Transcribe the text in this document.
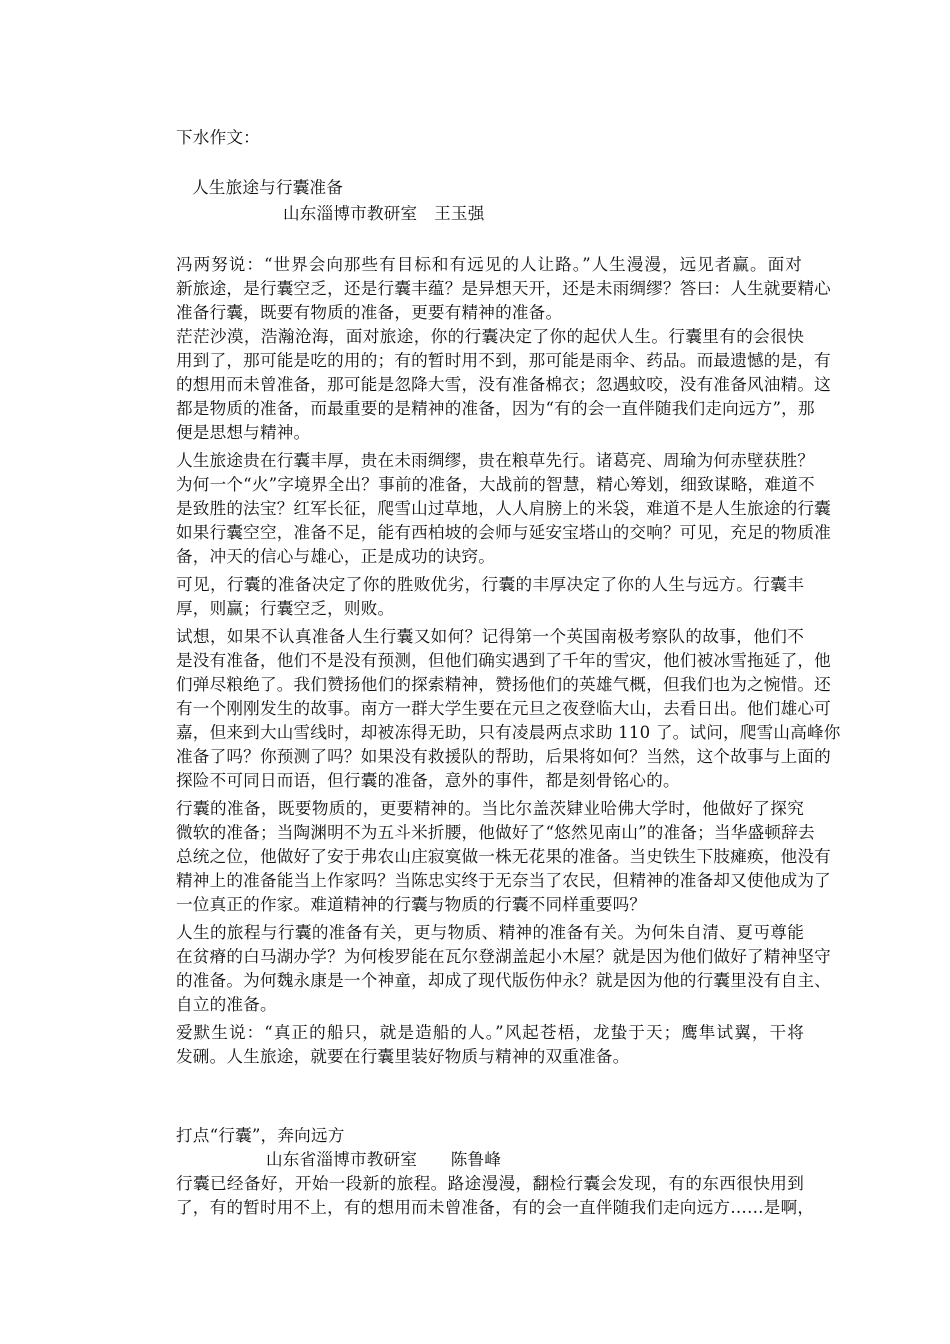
下水作文：
人生旅途与行囊准备
山东淄博市教研室　王玉强
冯两努说：“世界会向那些有目标和有远见的人让路。”人生漫漫，远见者赢。面对
新旅途，是行囊空乏，还是行囊丰蕴？是异想天开，还是未雨绸缪？答曰：人生就要精心
准备行囊，既要有物质的准备，更要有精神的准备。
茫茫沙漠，浩瀚沧海，面对旅途，你的行囊决定了你的起伏人生。行囊里有的会很快
用到了，那可能是吃的用的；有的暂时用不到，那可能是雨伞、药品。而最遗憾的是，有
的想用而未曾准备，那可能是忽降大雪，没有准备棉衣；忽遇蚊咬，没有准备风油精。这
都是物质的准备，而最重要的是精神的准备，因为“有的会一直伴随我们走向远方”，那
便是思想与精神。
人生旅途贵在行囊丰厚，贵在未雨绸缪，贵在粮草先行。诸葛亮、周瑜为何赤壁获胜？
为何一个“火”字境界全出？事前的准备，大战前的智慧，精心筹划，细致谋略，难道不
是致胜的法宝？红军长征，爬雪山过草地，人人肩膀上的米袋，难道不是人生旅途的行囊
如果行囊空空，准备不足，能有西柏坡的会师与延安宝塔山的交响？可见，充足的物质准
备，冲天的信心与雄心，正是成功的诀窍。
可见，行囊的准备决定了你的胜败优劣，行囊的丰厚决定了你的人生与远方。行囊丰
厚，则赢；行囊空乏，则败。
试想，如果不认真准备人生行囊又如何？记得第一个英国南极考察队的故事，他们不
是没有准备，他们不是没有预测，但他们确实遇到了千年的雪灾，他们被冰雪拖延了，他
们弹尽粮绝了。我们赞扬他们的探索精神，赞扬他们的英雄气概，但我们也为之惋惜。还
有一个刚刚发生的故事。南方一群大学生要在元旦之夜登临大山，去看日出。他们雄心可
嘉，但来到大山雪线时，却被冻得无助，只有凌晨两点求助 110 了。试问，爬雪山高峰你
准备了吗？你预测了吗？如果没有救援队的帮助，后果将如何？当然，这个故事与上面的
探险不可同日而语，但行囊的准备，意外的事件，都是刻骨铭心的。
行囊的准备，既要物质的，更要精神的。当比尔盖茨肄业哈佛大学时，他做好了探究
微软的准备；当陶渊明不为五斗米折腰，他做好了“悠然见南山”的准备；当华盛顿辞去
总统之位，他做好了安于弗农山庄寂寞做一株无花果的准备。当史铁生下肢瘫痪，他没有
精神上的准备能当上作家吗？当陈忠实终于无奈当了农民，但精神的准备却又使他成为了
一位真正的作家。难道精神的行囊与物质的行囊不同样重要吗？
人生的旅程与行囊的准备有关，更与物质、精神的准备有关。为何朱自清、夏丏尊能
在贫瘠的白马湖办学？为何梭罗能在瓦尔登湖盖起小木屋？就是因为他们做好了精神坚守
的准备。为何魏永康是一个神童，却成了现代版伤仲永？就是因为他的行囊里没有自主、
自立的准备。
爱默生说：“真正的船只，就是造船的人。”风起苍梧，龙蛰于天；鹰隼试翼，干将
发硎。人生旅途，就要在行囊里装好物质与精神的双重准备。
打点“行囊”，奔向远方
山东省淄博市教研室　　陈鲁峰
行囊已经备好，开始一段新的旅程。路途漫漫，翻检行囊会发现，有的东西很快用到
了，有的暂时用不上，有的想用而未曾准备，有的会一直伴随我们走向远方……是啊，
